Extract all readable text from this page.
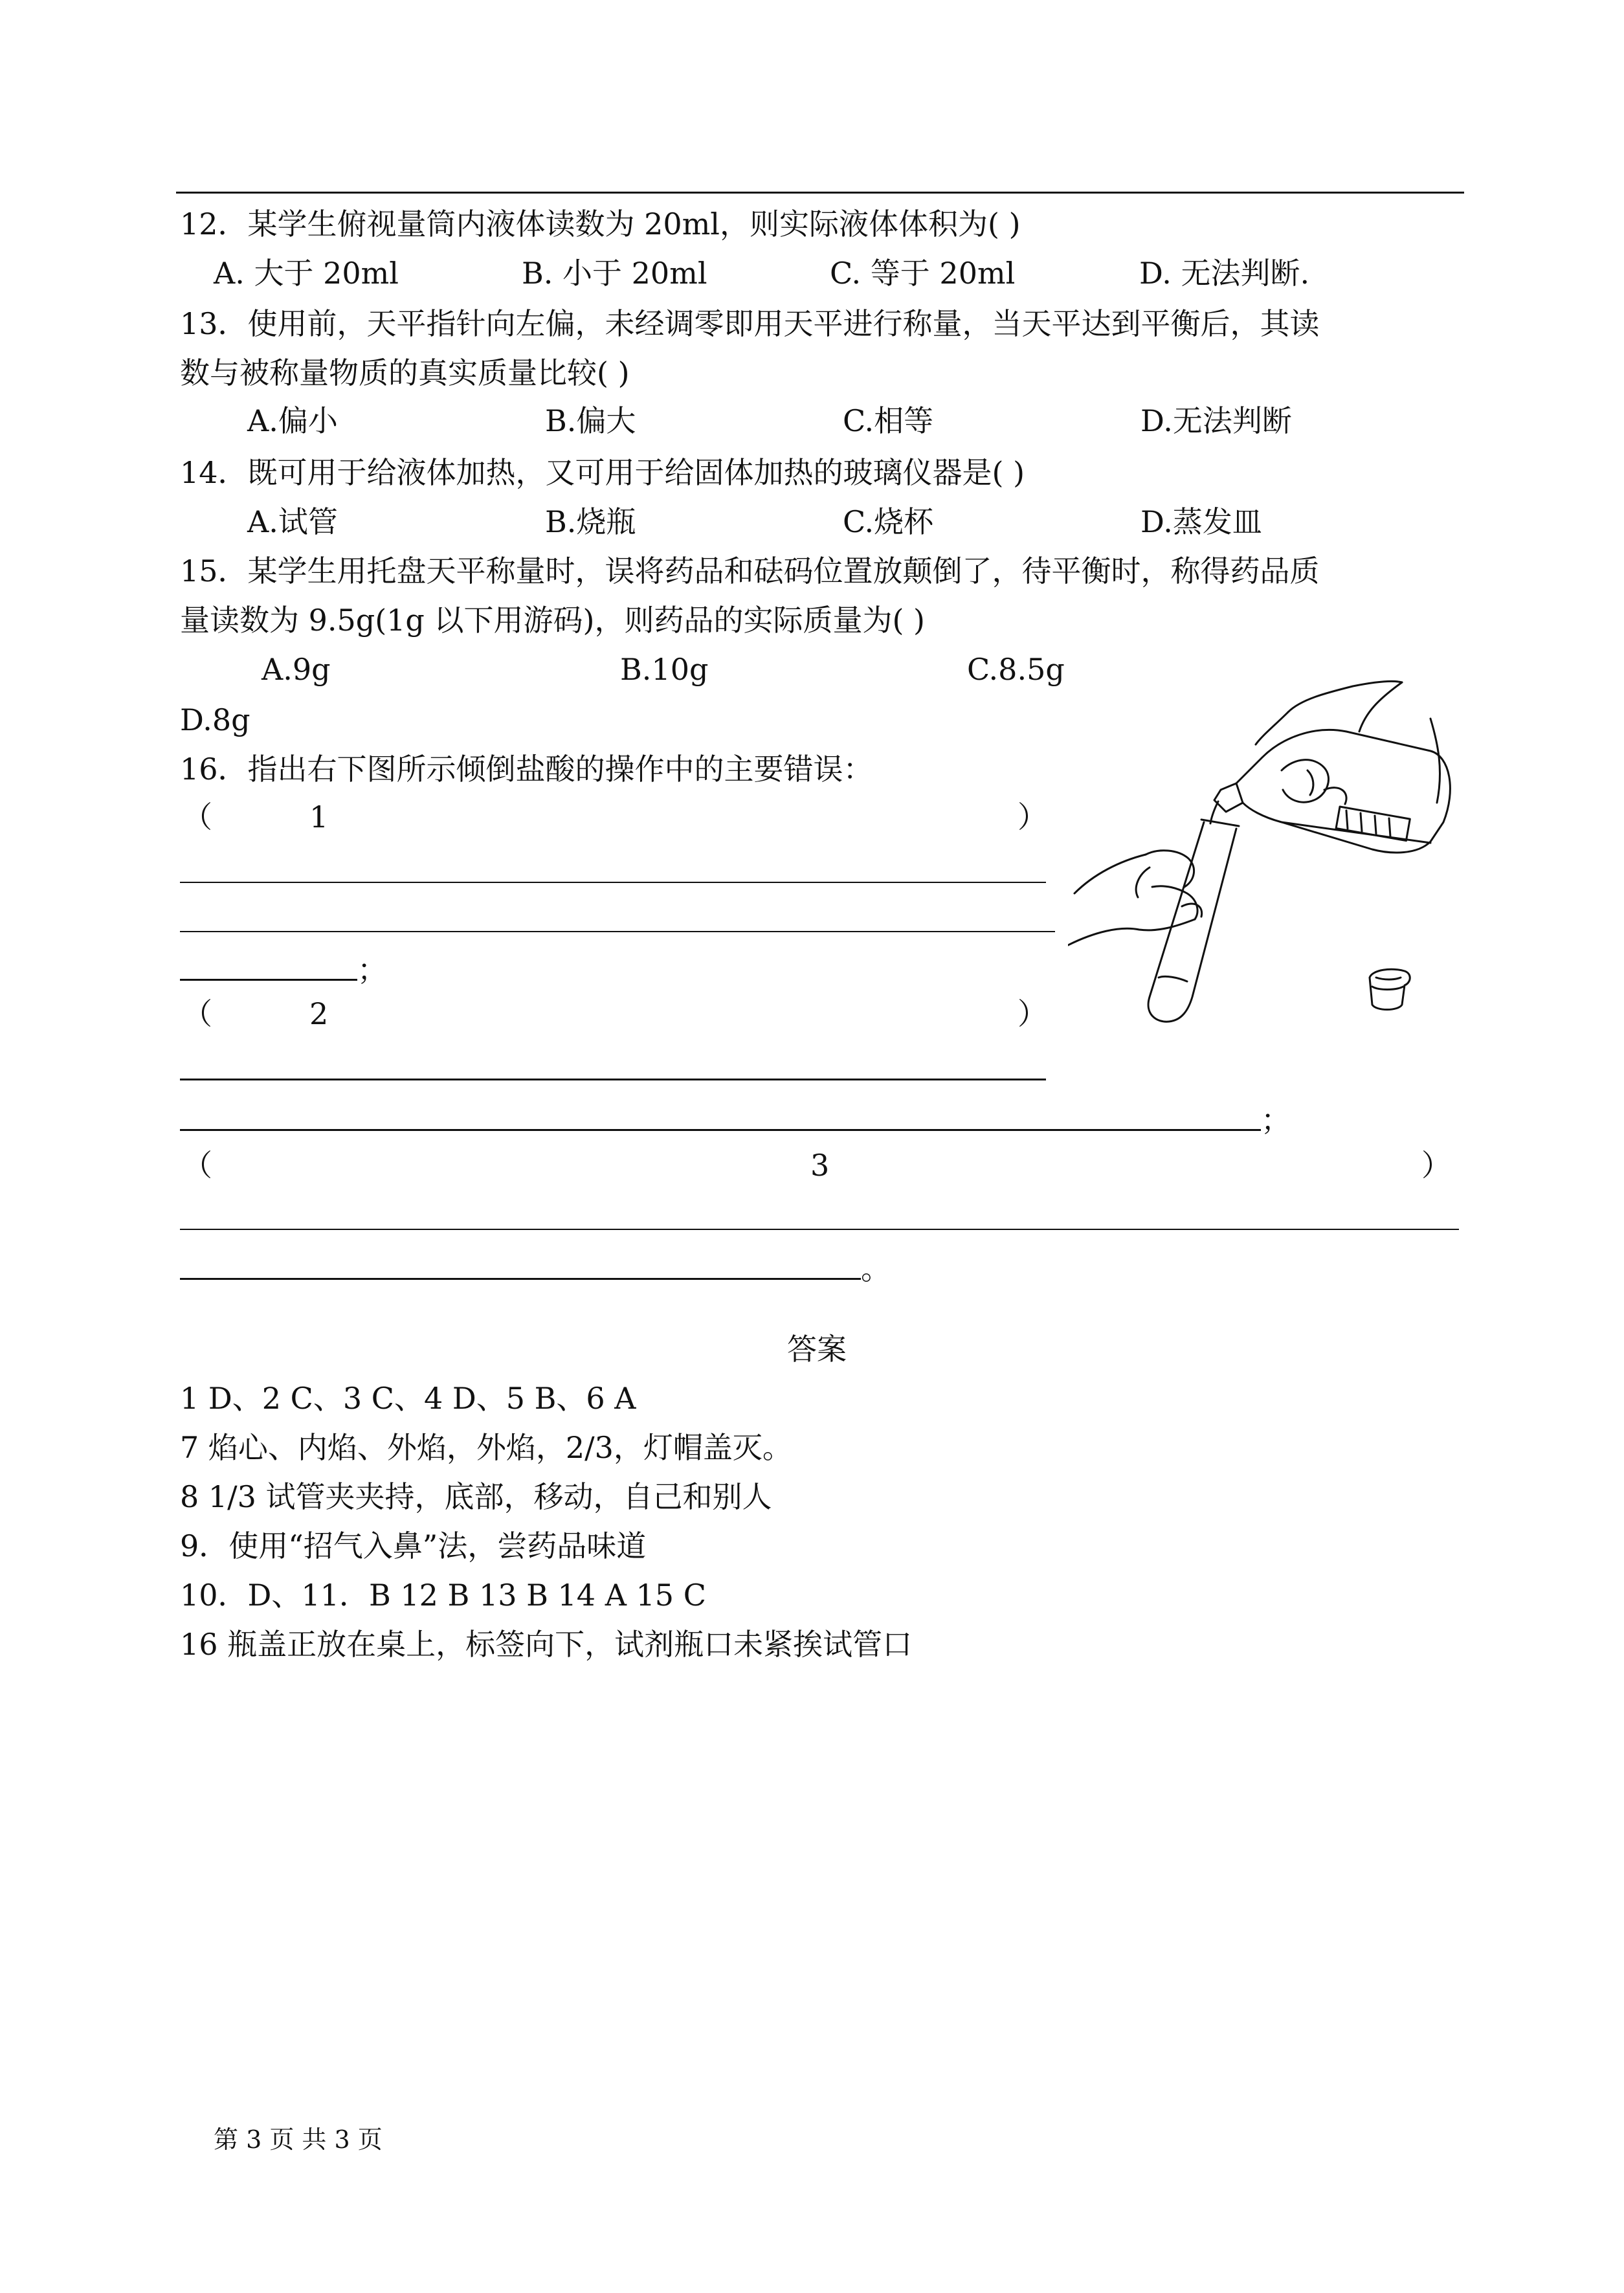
12．某学生俯视量筒内液体读数为 20ml，则实际液体体积为( )
A. 大于 20ml	B. 小于 20ml	C. 等于 20ml	D. 无法判断.
13．使用前，天平指针向左偏，未经调零即用天平进行称量，当天平达到平衡后，其读
数与被称量物质的真实质量比较( )
A.偏小	B.偏大	C.相等	D.无法判断
14．既可用于给液体加热，又可用于给固体加热的玻璃仪器是( )
A.试管	B.烧瓶	C.烧杯	D.蒸发皿
15．某学生用托盘天平称量时，误将药品和砝码位置放颠倒了，待平衡时，称得药品质
量读数为 9.5g(1g 以下用游码)，则药品的实际质量为( )
A.9g	B.10g	C.8.5g
D.8g
16．指出右下图所示倾倒盐酸的操作中的主要错误：
（	1	）
；
（	2	）
；
（	3	）
。
答案
1 D、2 C、3 C、4 D、5 B、6 A
7 焰心、内焰、外焰，外焰，2/3，灯帽盖灭。
8 1/3 试管夹夹持，底部，移动，自己和别人
9．使用“招气入鼻”法，尝药品味道
10．D、11．B 12 B 13 B 14 A 15 C
16 瓶盖正放在桌上，标签向下，试剂瓶口未紧挨试管口
第 3 页 共 3 页
